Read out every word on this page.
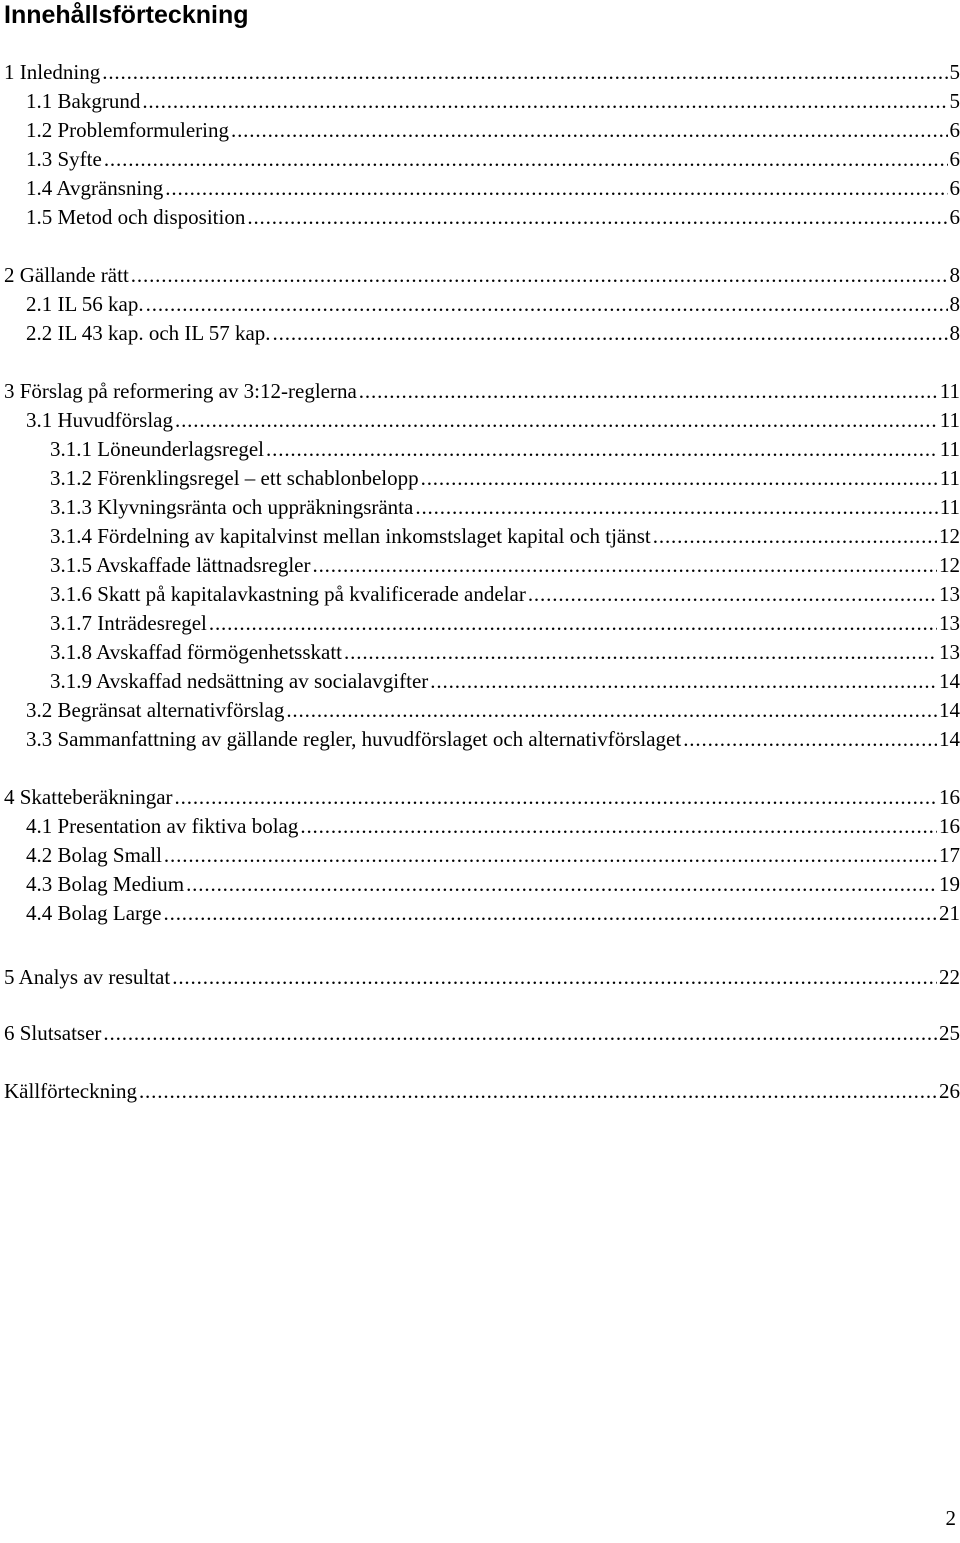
Innehållsförteckning
1 Inledning . . .	5
1.1 Bakgrund . . .	5
1.2 Problemformulering . . .	6
1.3 Syfte . . .	6
1.4 Avgränsning . . .	6
1.5 Metod och disposition . . .	6
2 Gällande rätt . . .	8
2.1 IL 56 kap. . . .	8
2.2 IL 43 kap. och IL 57 kap. . . .	8
3 Förslag på reformering av 3:12-reglerna . . .	11
3.1 Huvudförslag . . .	11
3.1.1 Löneunderlagsregel . . .	11
3.1.2 Förenklingsregel – ett schablonbelopp . . .	11
3.1.3 Klyvningsränta och uppräkningsränta . . .	11
3.1.4 Fördelning av kapitalvinst mellan inkomstslaget kapital och tjänst . . .	12
3.1.5 Avskaffade lättnadsregler . . .	12
3.1.6 Skatt på kapitalavkastning på kvalificerade andelar . . .	13
3.1.7 Inträdesregel . . .	13
3.1.8 Avskaffad förmögenhetsskatt . . .	13
3.1.9 Avskaffad nedsättning av socialavgifter . . .	14
3.2 Begränsat alternativförslag . . .	14
3.3 Sammanfattning av gällande regler, huvudförslaget och alternativförslaget . . .	14
4 Skatteberäkningar . . .	16
4.1 Presentation av fiktiva bolag . . .	16
4.2 Bolag Small . . .	17
4.3 Bolag Medium . . .	19
4.4 Bolag Large . . .	21
5 Analys av resultat . . .	22
6 Slutsatser . . .	25
Källförteckning . . .	26
2
